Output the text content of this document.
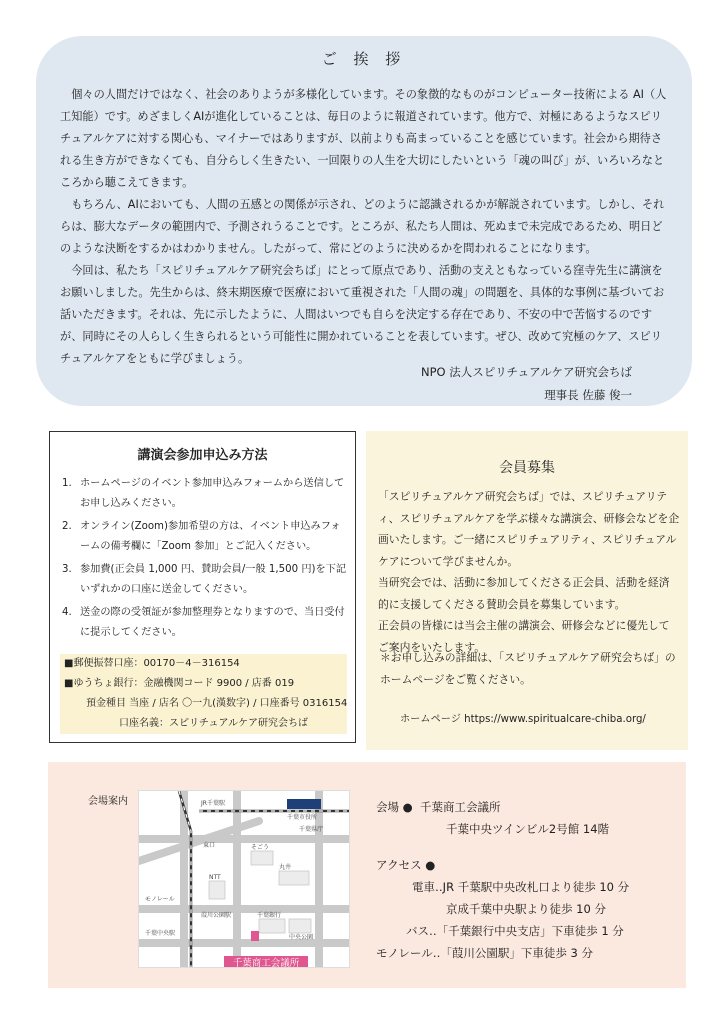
ご 挨 拶

個々の人間だけではなく、社会のありようが多様化しています。その象徴的なものがコンピューター技術による AI（人工知能）です。めざましくAIが進化していることは、毎日のように報道されています。他方で、対極にあるようなスピリチュアルケアに対する関心も、マイナーではありますが、以前よりも高まっていることを感じています。社会から期待される生き方ができなくても、自分らしく生きたい、一回限りの人生を大切にしたいという「魂の叫び」が、いろいろなところから聴こえてきます。

もちろん、AIにおいても、人間の五感との関係が示され、どのように認識されるかが解説されています。しかし、それらは、膨大なデータの範囲内で、予測されうることです。ところが、私たち人間は、死ぬまで未完成であるため、明日どのような決断をするかはわかりません。したがって、常にどのように決めるかを問われることになります。

今回は、私たち「スピリチュアルケア研究会ちば」にとって原点であり、活動の支えともなっている窪寺先生に講演をお願いしました。先生からは、終末期医療で医療において重視された「人間の魂」の問題を、具体的な事例に基づいてお話いただきます。それは、先に示したように、人間はいつでも自らを決定する存在であり、不安の中で苦悩するのですが、同時にその人らしく生きられるという可能性に開かれていることを表しています。ぜひ、改めて究極のケア、スピリチュアルケアをともに学びましょう。

NPO 法人スピリチュアルケア研究会ちば
理事長 佐藤 俊一
講演会参加申込み方法
1. ホームページのイベント参加申込みフォームから送信してお申し込みください。
2. オンライン(Zoom)参加希望の方は、イベント申込みフォームの備考欄に「Zoom 参加」とご記入ください。
3. 参加費(正会員 1,000 円、賛助会員/一般 1,500 円)を下記いずれかの口座に送金してください。
4. 送金の際の受領証が参加整理券となりますので、当日受付に提示してください。
■郵便振替口座：00170－4－316154
■ゆうちょ銀行：金融機関コード 9900 / 店番 019
預金種目 当座 / 店名 〇一九(漢数字) / 口座番号 0316154
口座名義：スピリチュアルケア研究会ちば
会員募集

「スピリチュアルケア研究会ちば」では、スピリチュアリティ、スピリチュアルケアを学ぶ様々な講演会、研修会などを企画いたします。ご一緒にスピリチュアリティ、スピリチュアルケアについて学びませんか。

当研究会では、活動に参加してくださる正会員、活動を経済的に支援してくださる賛助会員を募集しています。

正会員の皆様には当会主催の講演会、研修会などに優先してご案内をいたします。

＊お申し込みの詳細は、「スピリチュアルケア研究会ちば」のホームページをご覧ください。

ホームページ https://www.spiritualcare-chiba.org/
会場案内	JR千葉駅
千葉市役所
東口
千葉中央駅
そごう
NTT
千葉県庁
丸井
千葉銀行
中央公園
葭川公園駅
モノレール
千葉商工会議所
会場 ● 千葉商工会議所
千葉中央ツインビル2号館 14階
アクセス ●
電車‥JR 千葉駅中央改札口より徒歩 10 分
京成千葉中央駅より徒歩 10 分
バス‥「千葉銀行中央支店」下車徒歩 1 分
モノレール‥「葭川公園駅」下車徒歩 3 分
